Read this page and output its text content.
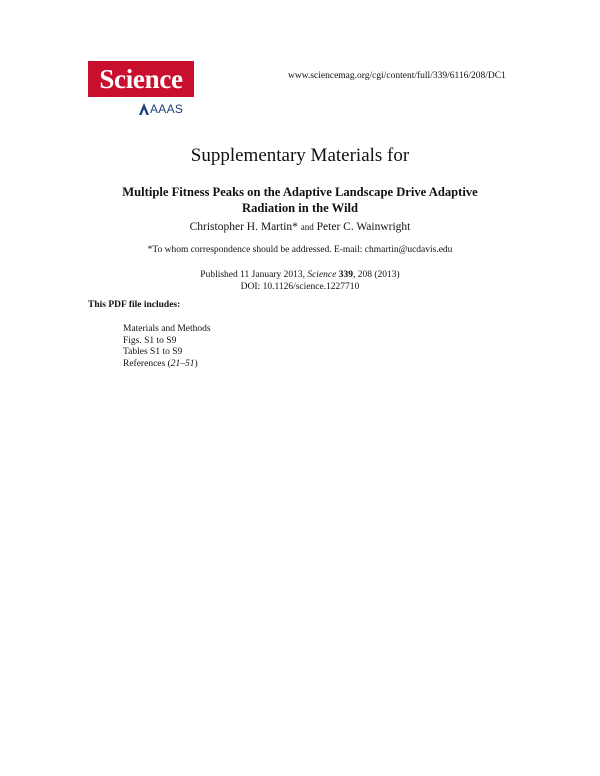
Science
AAAS
www.sciencemag.org/cgi/content/full/339/6116/208/DC1
Supplementary Materials for
Multiple Fitness Peaks on the Adaptive Landscape Drive Adaptive
Radiation in the Wild
Christopher H. Martin* and Peter C. Wainwright
*To whom correspondence should be addressed. E-mail: chmartin@ucdavis.edu
Published 11 January 2013, Science 339, 208 (2013)
DOI: 10.1126/science.1227710
This PDF file includes:
Materials and Methods
Figs. S1 to S9
Tables S1 to S9
References (21–51)
